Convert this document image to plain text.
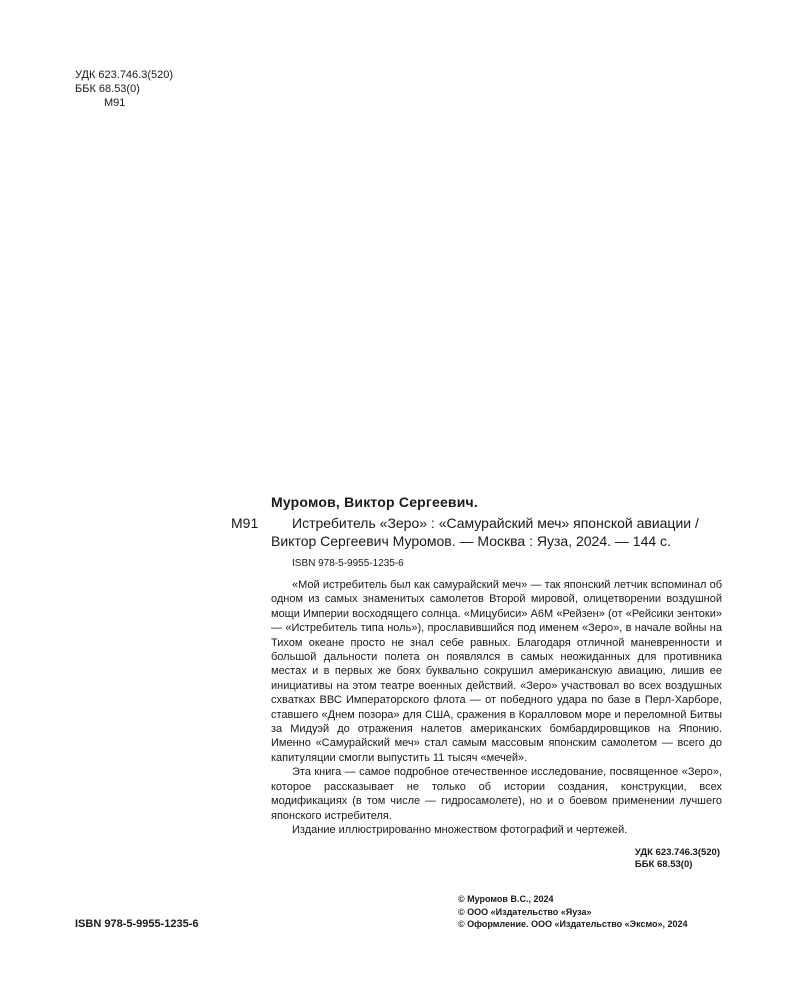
УДК 623.746.3(520)
ББК 68.53(0)
М91
Муромов, Виктор Сергеевич.
М91 Истребитель «Зеро» : «Самурайский меч» японской авиации /
Виктор Сергеевич Муромов. — Москва : Яуза, 2024. — 144 с.
ISBN 978-5-9955-1235-6

«Мой истребитель был как самурайский меч» — так японский летчик вспоминал об одном из самых знаменитых самолетов Второй мировой, олицетворении воздушной мощи Империи восходящего солнца. «Мицубиси» А6М «Рейзен» (от «Рейсики зентоки» — «Истребитель типа ноль»), прославившийся под именем «Зеро», в начале войны на Тихом океане просто не знал себе равных. Благодаря отличной маневренности и большой дальности полета он появлялся в самых неожиданных для противника местах и в первых же боях буквально сокрушил американскую авиацию, лишив ее инициативы на этом театре военных действий. «Зеро» участвовал во всех воздушных схватках ВВС Императорского флота — от победного удара по базе в Перл-Харборе, ставшего «Днем позора» для США, сражения в Коралловом море и переломной Битвы за Мидуэй до отражения налетов американских бомбардировщиков на Японию. Именно «Самурайский меч» стал самым массовым японским самолетом — всего до капитуляции смогли выпустить 11 тысяч «мечей».

Эта книга — самое подробное отечественное исследование, посвященное «Зеро», которое рассказывает не только об истории создания, конструкции, всех модификациях (в том числе — гидросамолете), но и о боевом применении лучшего японского истребителя.

Издание иллюстрированно множеством фотографий и чертежей.

УДК 623.746.3(520)
ББК 68.53(0)
© Муромов В.С., 2024
© ООО «Издательство «Яуза»
© Оформление. ООО «Издательство «Эксмо», 2024
ISBN 978-5-9955-1235-6
